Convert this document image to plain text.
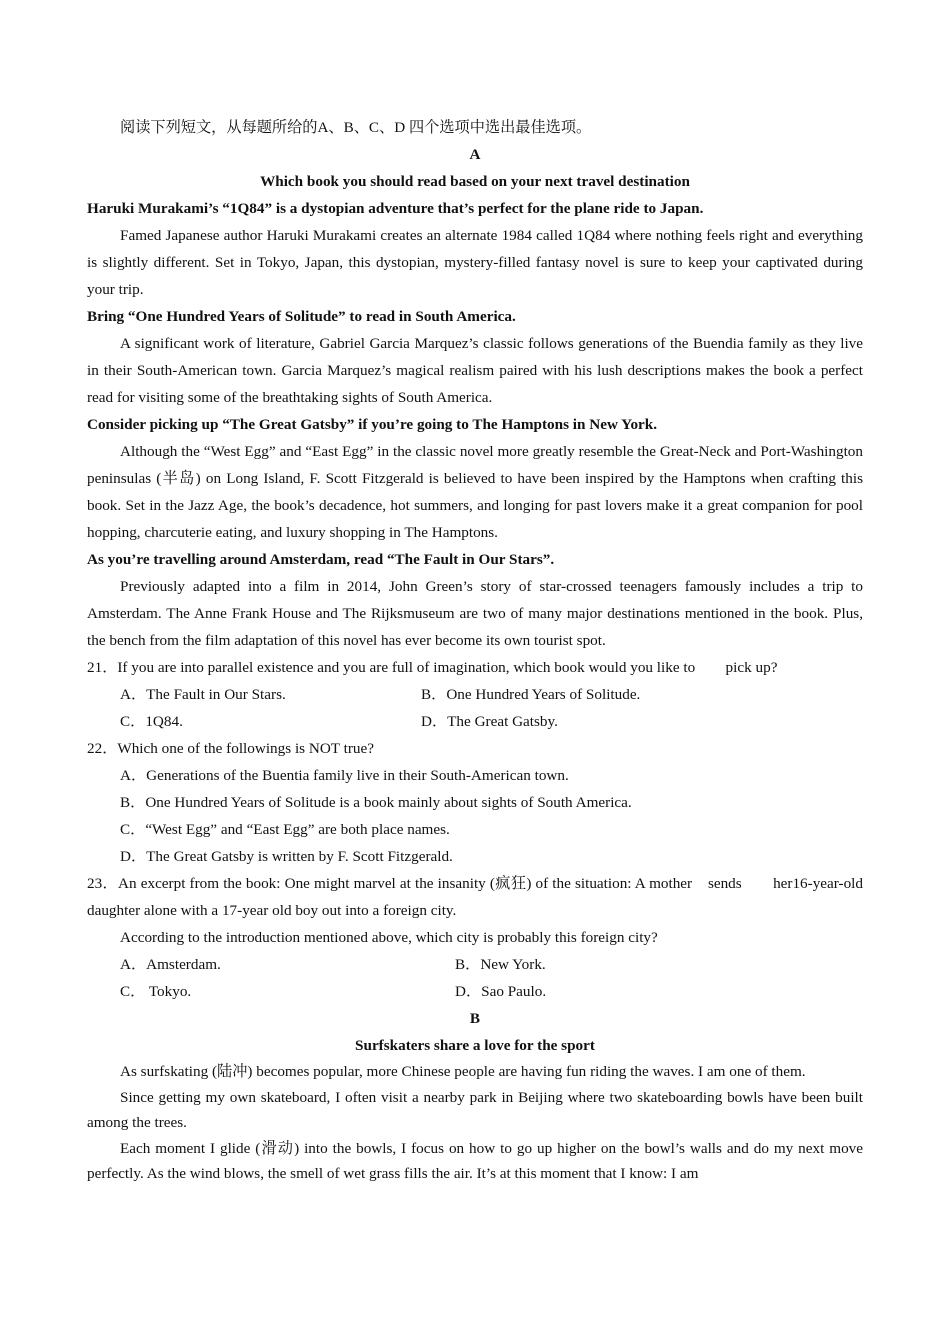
阅读下列短文，从每题所给的A、B、C、D 四个选项中选出最佳选项。

A

Which book you should read based on your next travel destination

Haruki Murakami’s “1Q84” is a dystopian adventure that’s perfect for the plane ride to Japan.

Famed Japanese author Haruki Murakami creates an alternate 1984 called 1Q84 where nothing feels right and everything is slightly different. Set in Tokyo, Japan, this dystopian, mystery-filled fantasy novel is sure to keep your captivated during your trip.

Bring “One Hundred Years of Solitude” to read in South America.

A significant work of literature, Gabriel Garcia Marquez’s classic follows generations of the Buendia family as they live in their South-American town. Garcia Marquez’s magical realism paired with his lush descriptions makes the book a perfect read for visiting some of the breathtaking sights of South America.

Consider picking up “The Great Gatsby” if you’re going to The Hamptons in New York.

Although the “West Egg” and “East Egg” in the classic novel more greatly resemble the Great-Neck and Port-Washington peninsulas (半岛) on Long Island, F. Scott Fitzgerald is believed to have been inspired by the Hamptons when crafting this book. Set in the Jazz Age, the book’s decadence, hot summers, and longing for past lovers make it a great companion for pool hopping, charcuterie eating, and luxury shopping in The Hamptons.

As you’re travelling around Amsterdam, read “The Fault in Our Stars”.

Previously adapted into a film in 2014, John Green’s story of star-crossed teenagers famously includes a trip to Amsterdam. The Anne Frank House and The Rijksmuseum are two of many major destinations mentioned in the book. Plus, the bench from the film adaptation of this novel has ever become its own tourist spot.

21．If you are into parallel existence and you are full of imagination, which book would you like to　　pick up?

A．The Fault in Our Stars.	B．One Hundred Years of Solitude.
C．1Q84.	D．The Great Gatsby.

22．Which one of the followings is NOT true?

A．Generations of the Buentia family live in their South-American town.
B．One Hundred Years of Solitude is a book mainly about sights of South America.
C．“West Egg” and “East Egg” are both place names.
D．The Great Gatsby is written by F. Scott Fitzgerald.

23．An excerpt from the book: One might marvel at the insanity (疯狂) of the situation: A mother　sends　　her16-year-old daughter alone with a 17-year old boy out into a foreign city.

According to the introduction mentioned above, which city is probably this foreign city?

A．Amsterdam.	B．New York.
C． Tokyo.	D．Sao Paulo.

B

Surfskaters share a love for the sport

As surfskating (陆冲) becomes popular, more Chinese people are having fun riding the waves. I am one of them.

Since getting my own skateboard, I often visit a nearby park in Beijing where two skateboarding bowls have been built among the trees.

Each moment I glide (滑动) into the bowls, I focus on how to go up higher on the bowl’s walls and do my next move perfectly. As the wind blows, the smell of wet grass fills the air. It’s at this moment that I know: I am
